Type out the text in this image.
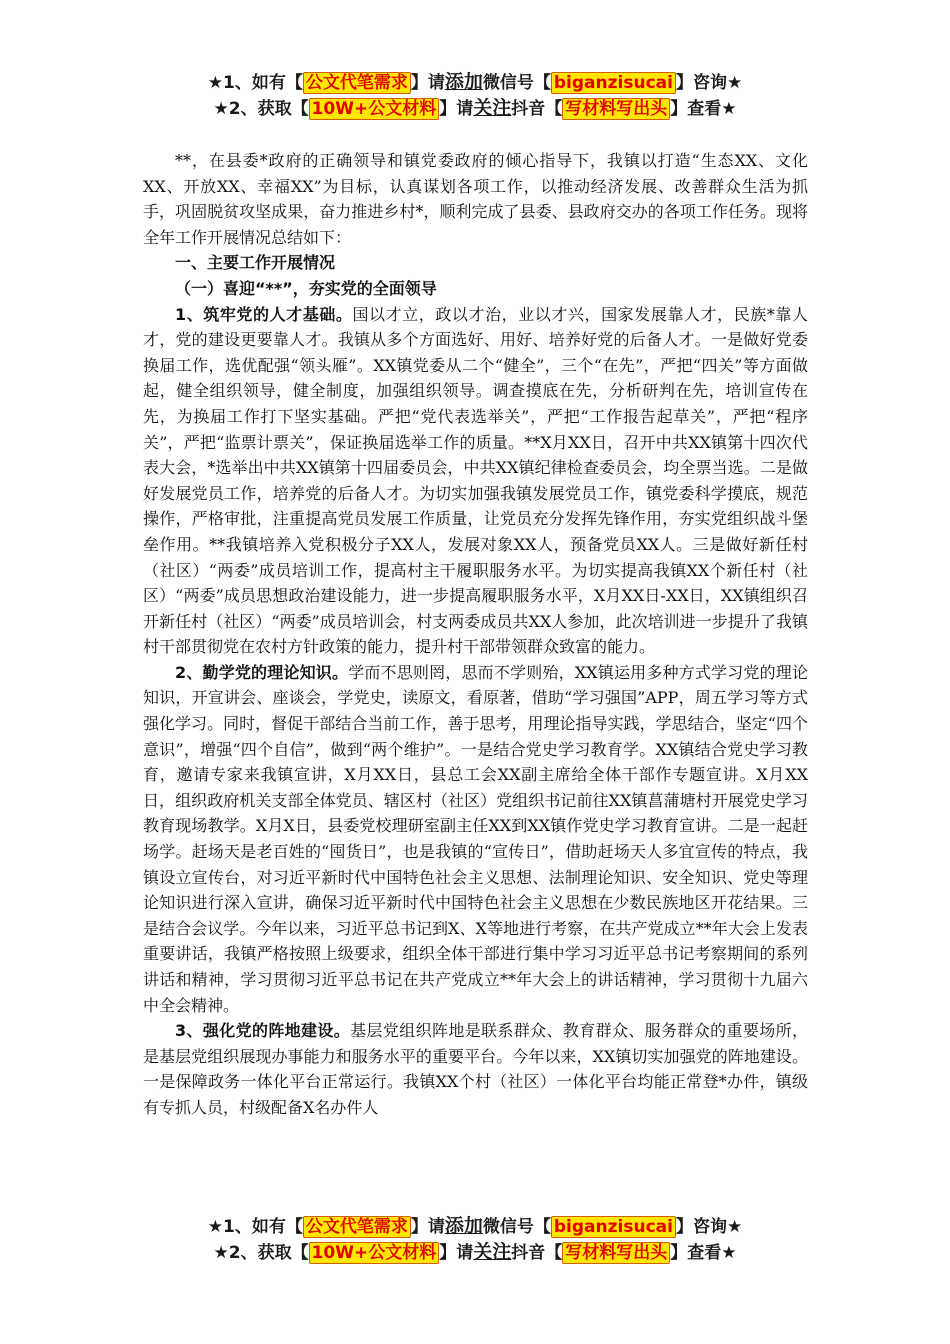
★1、如有【 公文代笔需求 】请添加微信号【 biganzisucai 】咨询★
★2、获取【 10W+公文材料 】请关注抖音【 写材料写出头 】查看★

**，在县委*政府的正确领导和镇党委政府的倾心指导下，我镇以打造“生态XX、文化XX、开放XX、幸福XX”为目标，认真谋划各项工作，以推动经济发展、改善群众生活为抓手，巩固脱贫攻坚成果，奋力推进乡村*，顺利完成了县委、县政府交办的各项工作任务。现将全年工作开展情况总结如下：

一、主要工作开展情况

（一）喜迎“**”，夯实党的全面领导

1、筑牢党的人才基础。国以才立，政以才治，业以才兴，国家发展靠人才，民族*靠人才，党的建设更要靠人才。我镇从多个方面选好、用好、培养好党的后备人才。一是做好党委换届工作，选优配强“领头雁”。XX镇党委从二个“健全”，三个“在先”，严把“四关”等方面做起，健全组织领导，健全制度，加强组织领导。调查摸底在先，分析研判在先，培训宣传在先，为换届工作打下坚实基础。严把“党代表选举关”，严把“工作报告起草关”，严把“程序关”，严把“监票计票关”，保证换届选举工作的质量。**X月XX日，召开中共XX镇第十四次代表大会，*选举出中共XX镇第十四届委员会，中共XX镇纪律检查委员会，均全票当选。二是做好发展党员工作，培养党的后备人才。为切实加强我镇发展党员工作，镇党委科学摸底，规范操作，严格审批，注重提高党员发展工作质量，让党员充分发挥先锋作用，夯实党组织战斗堡垒作用。**我镇培养入党积极分子XX人，发展对象XX人，预备党员XX人。三是做好新任村（社区）“两委”成员培训工作，提高村主干履职服务水平。为切实提高我镇XX个新任村（社区）“两委”成员思想政治建设能力，进一步提高履职服务水平，X月XX日-XX日，XX镇组织召开新任村（社区）“两委”成员培训会，村支两委成员共XX人参加，此次培训进一步提升了我镇村干部贯彻党在农村方针政策的能力，提升村干部带领群众致富的能力。

2、勤学党的理论知识。学而不思则罔，思而不学则殆，XX镇运用多种方式学习党的理论知识，开宣讲会、座谈会，学党史，读原文，看原著，借助“学习强国”APP，周五学习等方式强化学习。同时，督促干部结合当前工作，善于思考，用理论指导实践，学思结合，坚定“四个意识”，增强“四个自信”，做到“两个维护”。一是结合党史学习教育学。XX镇结合党史学习教育，邀请专家来我镇宣讲，X月XX日，县总工会XX副主席给全体干部作专题宣讲。X月XX日，组织政府机关支部全体党员、辖区村（社区）党组织书记前往XX镇菖蒲塘村开展党史学习教育现场教学。X月X日，县委党校理研室副主任XX到XX镇作党史学习教育宣讲。二是一起赶场学。赶场天是老百姓的“囤货日”，也是我镇的“宣传日”，借助赶场天人多宜宣传的特点，我镇设立宣传台，对习近平新时代中国特色社会主义思想、法制理论知识、安全知识、党史等理论知识进行深入宣讲，确保习近平新时代中国特色社会主义思想在少数民族地区开花结果。三是结合会议学。今年以来，习近平总书记到X、X等地进行考察，在共产党成立**年大会上发表重要讲话，我镇严格按照上级要求，组织全体干部进行集中学习习近平总书记考察期间的系列讲话和精神，学习贯彻习近平总书记在共产党成立**年大会上的讲话精神，学习贯彻十九届六中全会精神。

3、强化党的阵地建设。基层党组织阵地是联系群众、教育群众、服务群众的重要场所，是基层党组织展现办事能力和服务水平的重要平台。今年以来，XX镇切实加强党的阵地建设。一是保障政务一体化平台正常运行。我镇XX个村（社区）一体化平台均能正常登*办件，镇级有专抓人员，村级配备X名办件人

★1、如有【 公文代笔需求 】请添加微信号【 biganzisucai 】咨询★
★2、获取【 10W+公文材料 】请关注抖音【 写材料写出头 】查看★
